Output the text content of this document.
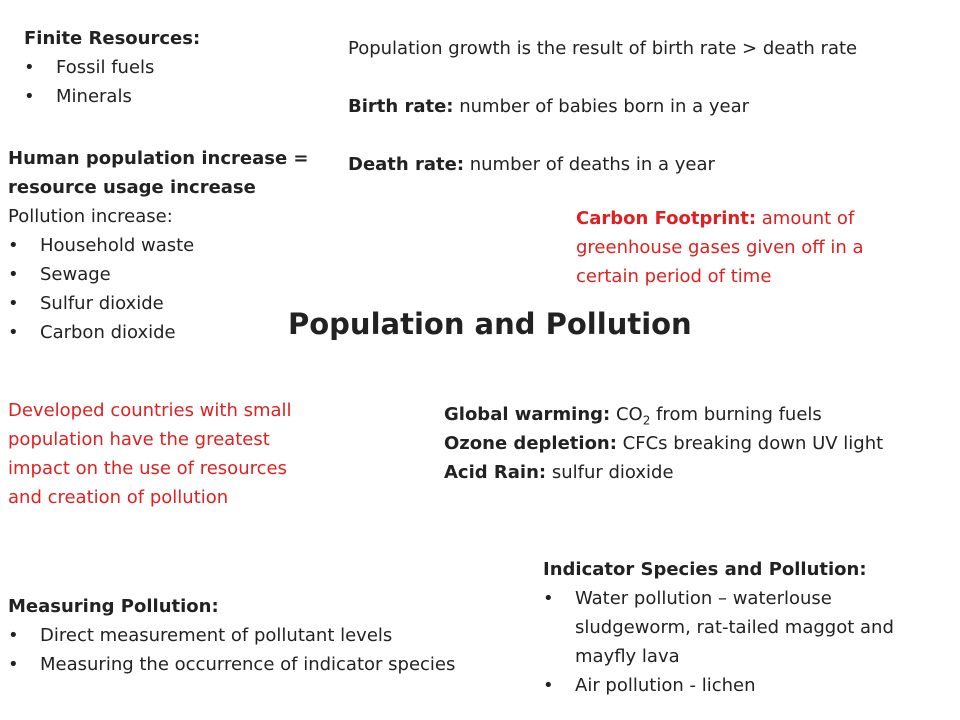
Population and Pollution
Finite Resources:
• Fossil fuels
• Minerals
Population growth is the result of birth rate > death rate
Birth rate: number of babies born in a year
Death rate: number of deaths in a year
Human population increase =
resource usage increase
Pollution increase:
• Household waste
• Sewage
• Sulfur dioxide
• Carbon dioxide
Carbon Footprint: amount of
greenhouse gases given off in a
certain period of time
Developed countries with small
population have the greatest
impact on the use of resources
and creation of pollution
Global warming: $CO_2$ from burning fuels
Ozone depletion: CFCs breaking down UV light
Acid Rain: sulfur dioxide
Indicator Species and Pollution:
• Water pollution – waterlouse
sludgeworm, rat-tailed maggot and
mayfly lava
• Air pollution - lichen
Measuring Pollution:
• Direct measurement of pollutant levels
• Measuring the occurrence of indicator species
